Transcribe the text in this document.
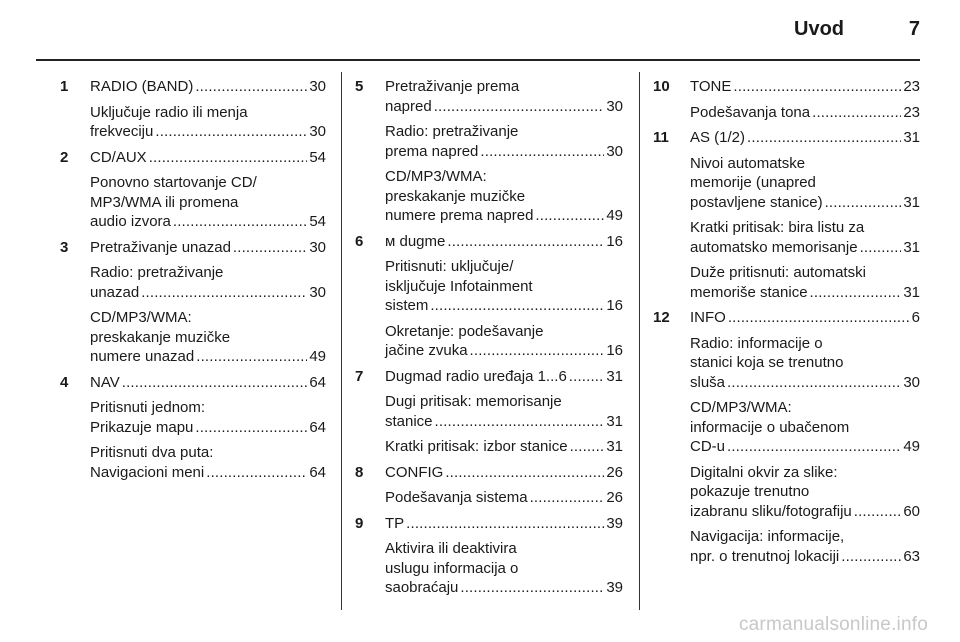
Uvod	7
1 RADIO (BAND) . . .	30
Uključuje radio ili menja
frekveciju . . .	30
2 CD/AUX . . .	54
Ponovno startovanje CD/
MP3/WMA ili promena
audio izvora . . .	54
3 Pretraživanje unazad . . .	30
Radio: pretraživanje
unazad . . .	30
CD/MP3/WMA:
preskakanje muzičke
numere unazad . . .	49
4 NAV . . .	64
Pritisnuti jednom:
Prikazuje mapu . . .	64
Pritisnuti dva puta:
Navigacioni meni . . .	64
5 Pretraživanje prema
napred . . .	30
Radio: pretraživanje
prema napred . . .	30
CD/MP3/WMA:
preskakanje muzičke
numere prema napred . . .	49
6 ᴍ dugme . . .	16
Pritisnuti: uključuje/
isključuje Infotainment
sistem . . .	16
Okretanje: podešavanje
jačine zvuka . . .	16
7 Dugmad radio uređaja 1...6 . . .	31
Dugi pritisak: memorisanje
stanice . . .	31
Kratki pritisak: izbor stanice . . .	31
8 CONFIG . . .	26
Podešavanja sistema . . .	26
9 TP . . .	39
Aktivira ili deaktivira
uslugu informacija o
saobraćaju . . .	39
10 TONE . . .	23
Podešavanja tona . . .	23
11 AS (1/2) . . .	31
Nivoi automatske
memorije (unapred
postavljene stanice) . . .	31
Kratki pritisak: bira listu za
automatsko memorisanje . . .	31
Duže pritisnuti: automatski
memoriše stanice . . .	31
12 INFO . . .	6
Radio: informacije o
stanici koja se trenutno
sluša . . .	30
CD/MP3/WMA:
informacije o ubačenom
CD-u . . .	49
Digitalni okvir za slike:
pokazuje trenutno
izabranu sliku/fotografiju . . .	60
Navigacija: informacije,
npr. o trenutnoj lokaciji . . .	63
carmanualsonline.info
